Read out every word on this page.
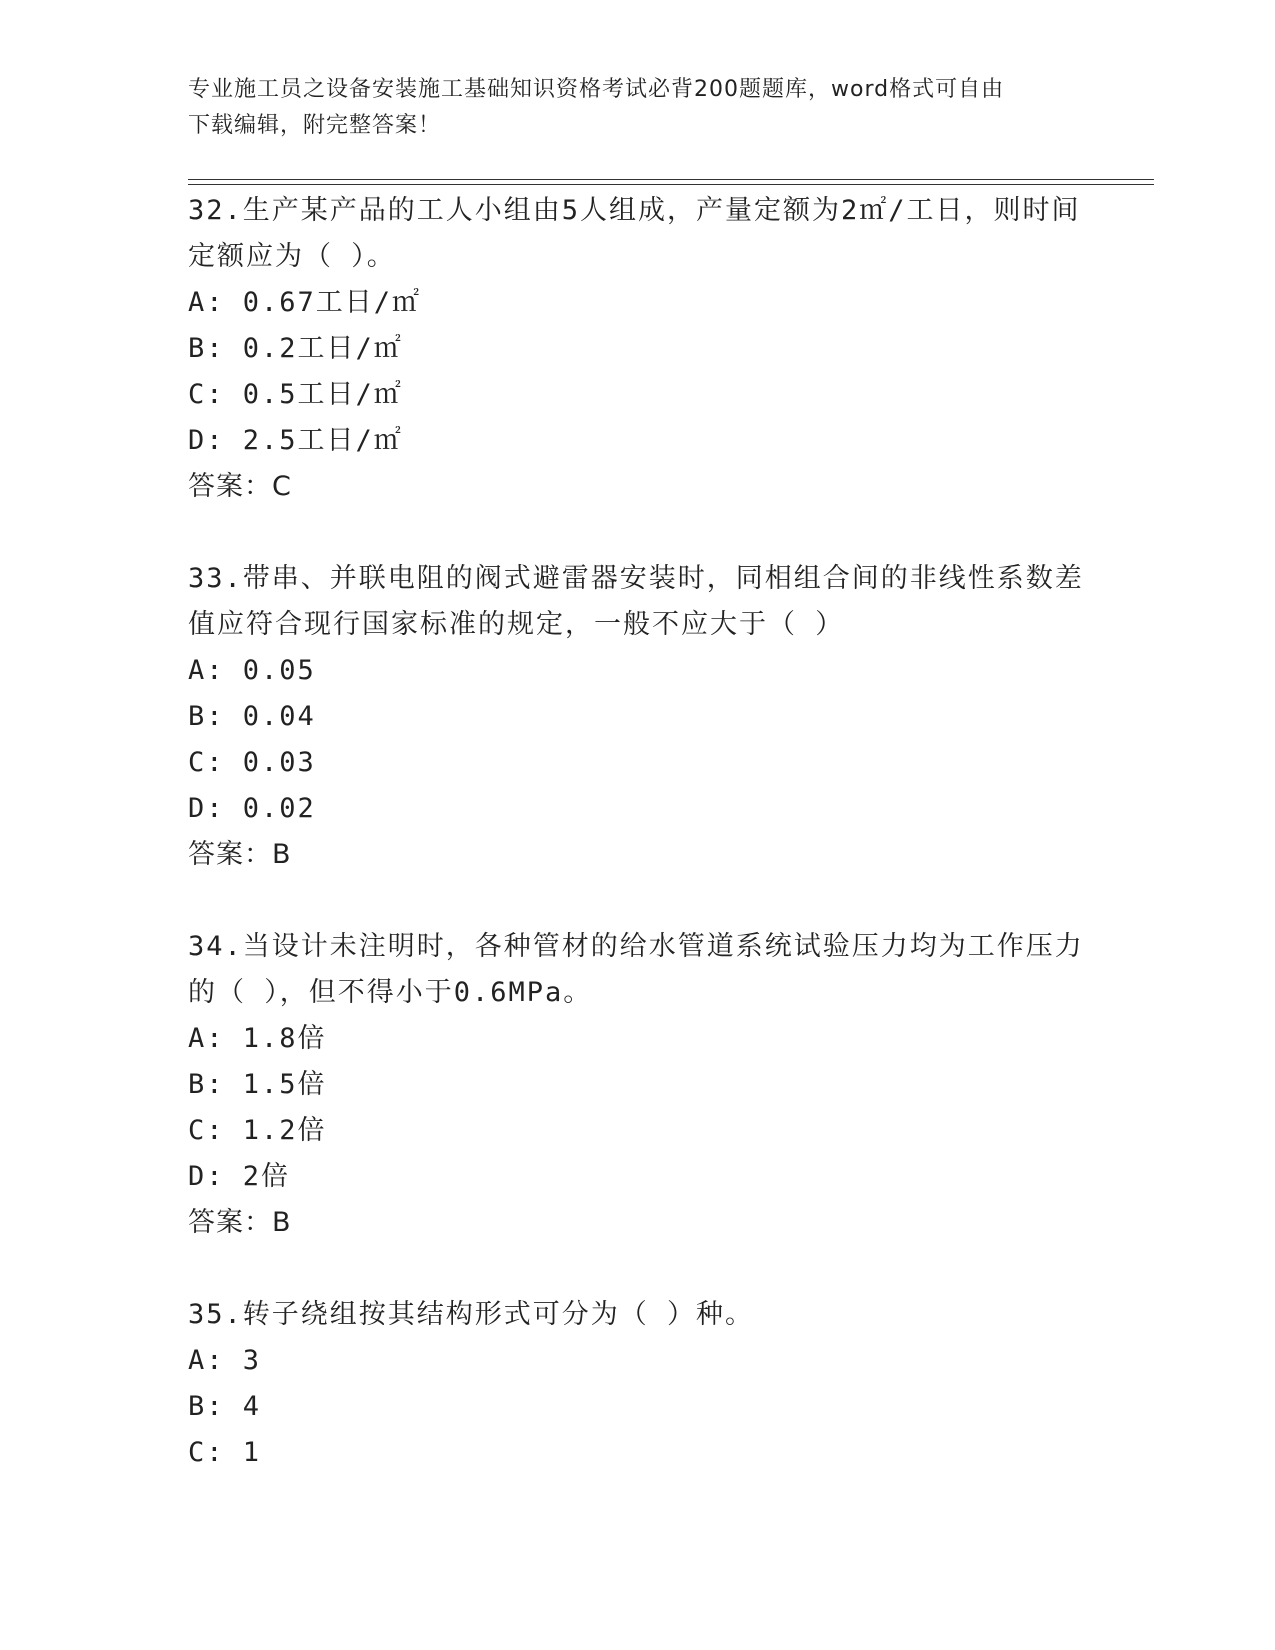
专业施工员之设备安装施工基础知识资格考试必背200题题库，word格式可自由
下载编辑，附完整答案！
32.生产某产品的工人小组由5人组成，产量定额为2㎡/工日，则时间
定额应为（ ）。
A: 0.67工日/㎡
B: 0.2工日/㎡
C: 0.5工日/㎡
D: 2.5工日/㎡
答案：C
33.带串、并联电阻的阀式避雷器安装时，同相组合间的非线性系数差
值应符合现行国家标准的规定，一般不应大于（ ）
A: 0.05
B: 0.04
C: 0.03
D: 0.02
答案：B
34.当设计未注明时，各种管材的给水管道系统试验压力均为工作压力
的（ ），但不得小于0.6MPa。
A: 1.8倍
B: 1.5倍
C: 1.2倍
D: 2倍
答案：B
35.转子绕组按其结构形式可分为（ ）种。
A: 3
B: 4
C: 1
